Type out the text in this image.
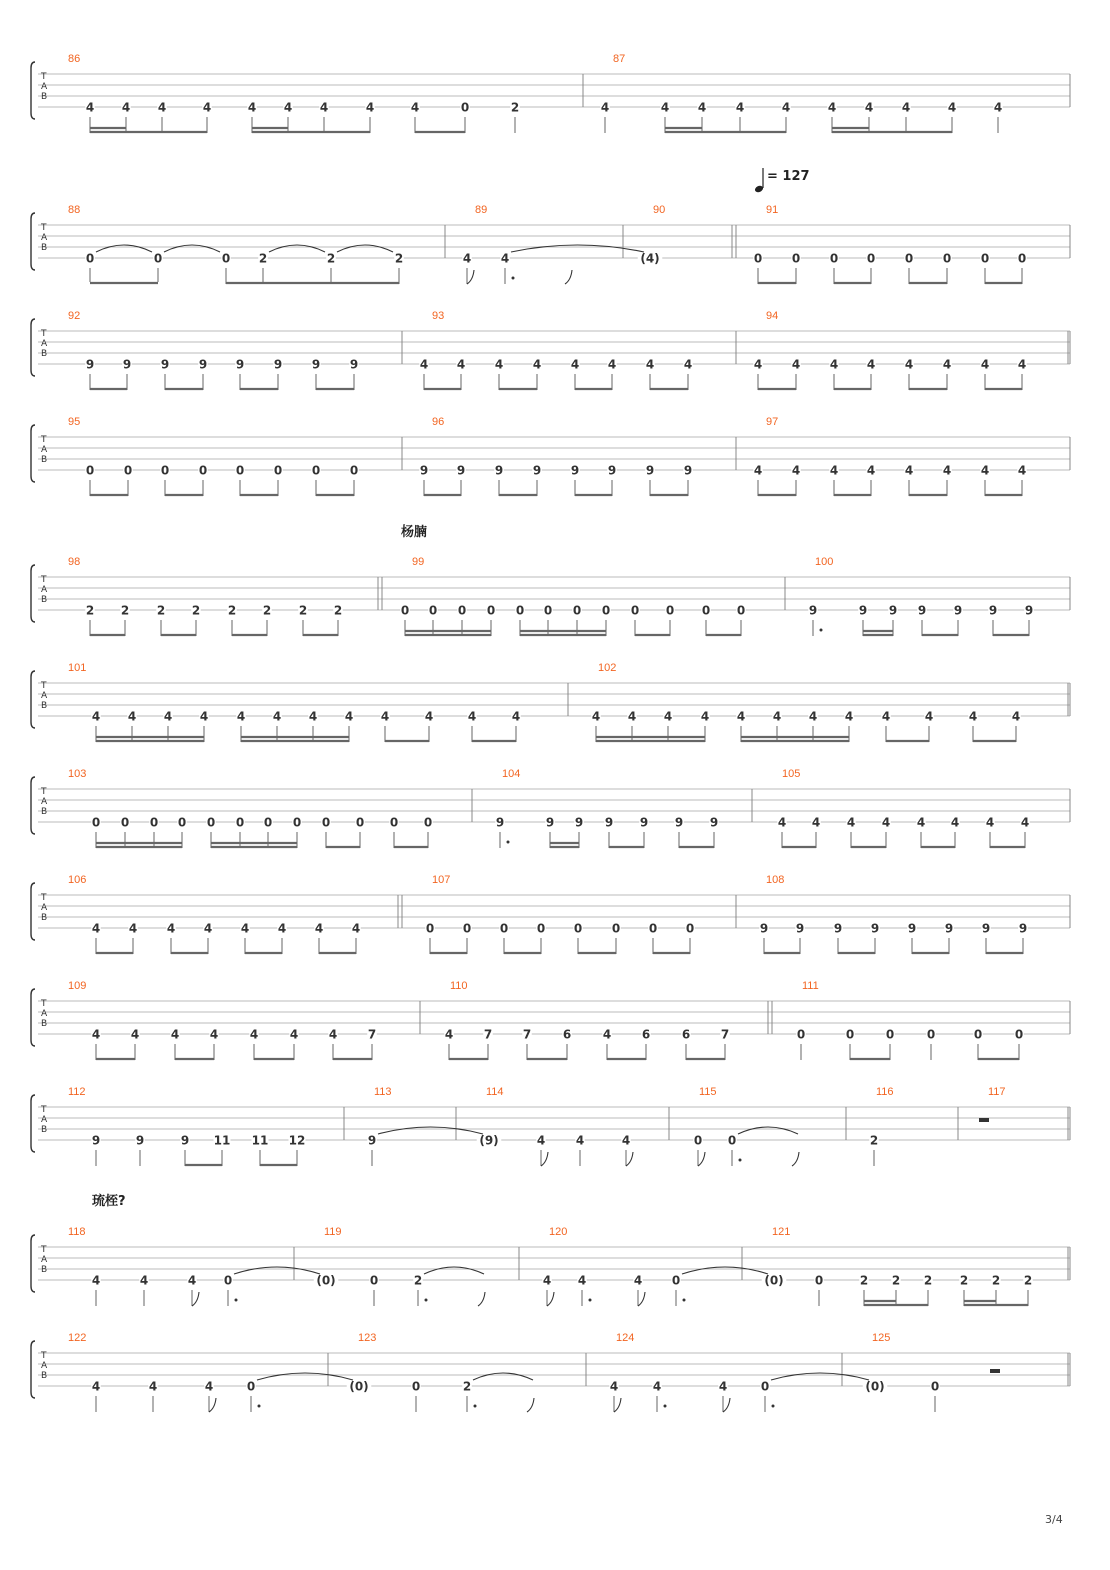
T
A
B
86	87
T
A
B
88	89	90	91
T
A
B
92	93	94
T
A
B
95	96	97
T
A
B
98	99	100
T
A
B
101	102
T
A
B
103	104	105
T
A
B
106	107	108
T
A
B
109	110	111
T
A
B
112	113	114	115	116	117
T
A
B
118	119	120	121
T
A
B
122	123	124	125
4 4 4	4	4 4 4	4	4	0	2	4	4 4 4	4	4 4 4	4	4
0	0	0 2	2	2	4 4	(4)	0 0 0 0 0 0 0 0
9 9 9 9 9 9 9 9	4 4 4 4 4 4 4 4	4 4 4 4 4 4 4 4
0 0 0 0 0 0 0 0	9 9 9 9 9 9 9 9	4 4 4 4 4 4 4 4
2 2 2 2 2 2 2 2	0 0 0 0 0 0 0 0 0 0 0 0	9	9 9 9 9 9 9
4 4 4 4 4 4 4 4 4	4	4	4	4 4 4 4 4 4 4 4 4	4	4	4
0 0 0 0 0 0 0 0 0 0 0 0	9	9 9 9 9 9 9	4 4 4 4 4 4 4 4
4 4 4 4 4 4 4 4	0 0 0 0 0 0 0 0	9 9 9 9 9 9 9 9
4	4	4	4	4	4	4	7	4	7	7	6	4	6	6	7	0	0	0	0	0	0
9	9	9 11 11 12	9	(9)	4	4	4	0 0	2
4	4	4 0	(0)	0	2	4 4	4 0	(0)	0	2 2 2 2 2 2
4	4	4	0	(0)	0	2	4	4	4	0	(0)	0
杨腩
琉桎?
= 127
3/4
